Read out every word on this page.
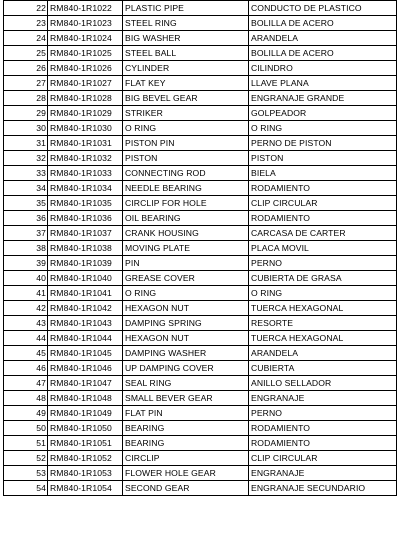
22	RM840-1R1022	PLASTIC PIPE	CONDUCTO DE PLASTICO
23	RM840-1R1023	STEEL RING	BOLILLA DE ACERO
24	RM840-1R1024	BIG WASHER	ARANDELA
25	RM840-1R1025	STEEL BALL	BOLILLA DE ACERO
26	RM840-1R1026	CYLINDER	CILINDRO
27	RM840-1R1027	FLAT KEY	LLAVE PLANA
28	RM840-1R1028	BIG BEVEL GEAR	ENGRANAJE GRANDE
29	RM840-1R1029	STRIKER	GOLPEADOR
30	RM840-1R1030	O RING	O RING
31	RM840-1R1031	PISTON PIN	PERNO DE PISTON
32	RM840-1R1032	PISTON	PISTON
33	RM840-1R1033	CONNECTING ROD	BIELA
34	RM840-1R1034	NEEDLE BEARING	RODAMIENTO
35	RM840-1R1035	CIRCLIP FOR HOLE	CLIP CIRCULAR
36	RM840-1R1036	OIL BEARING	RODAMIENTO
37	RM840-1R1037	CRANK HOUSING	CARCASA DE CARTER
38	RM840-1R1038	MOVING PLATE	PLACA MOVIL
39	RM840-1R1039	PIN	PERNO
40	RM840-1R1040	GREASE COVER	CUBIERTA DE GRASA
41	RM840-1R1041	O RING	O RING
42	RM840-1R1042	HEXAGON NUT	TUERCA HEXAGONAL
43	RM840-1R1043	DAMPING SPRING	RESORTE
44	RM840-1R1044	HEXAGON NUT	TUERCA HEXAGONAL
45	RM840-1R1045	DAMPING WASHER	ARANDELA
46	RM840-1R1046	UP DAMPING COVER	CUBIERTA
47	RM840-1R1047	SEAL RING	ANILLO SELLADOR
48	RM840-1R1048	SMALL BEVER GEAR	ENGRANAJE
49	RM840-1R1049	FLAT PIN	PERNO
50	RM840-1R1050	BEARING	RODAMIENTO
51	RM840-1R1051	BEARING	RODAMIENTO
52	RM840-1R1052	CIRCLIP	CLIP CIRCULAR
53	RM840-1R1053	FLOWER HOLE GEAR	ENGRANAJE
54	RM840-1R1054	SECOND GEAR	ENGRANAJE SECUNDARIO
